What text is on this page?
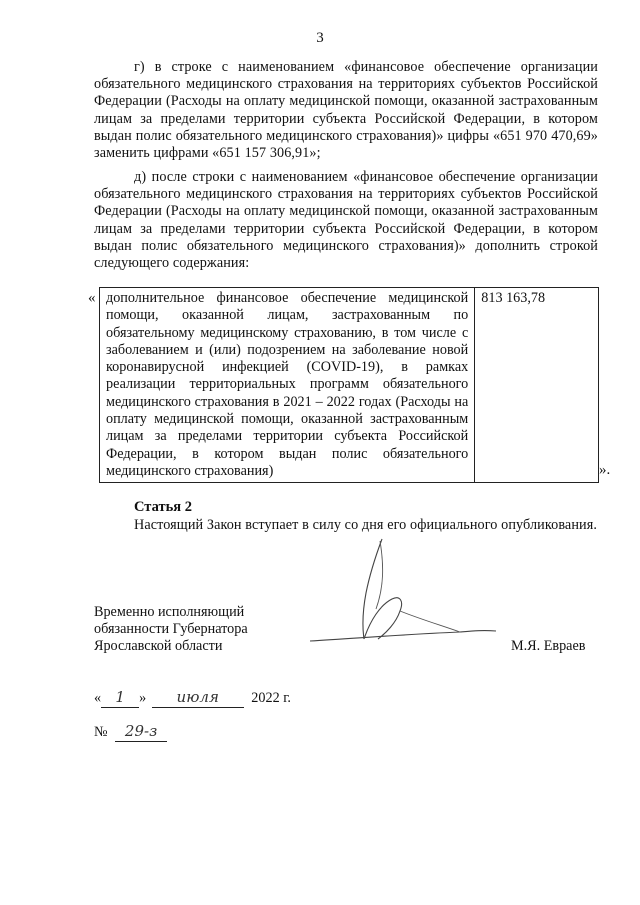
3
г) в строке с наименованием «финансовое обеспечение организации обязательного медицинского страхования на территориях субъектов Российской Федерации (Расходы на оплату медицинской помощи, оказанной застрахованным лицам за пределами территории субъекта Российской Федерации, в котором выдан полис обязательного медицинского страхования)» цифры «651 970 470,69» заменить цифрами «651 157 306,91»;
д) после строки с наименованием «финансовое обеспечение организации обязательного медицинского страхования на территориях субъектов Российской Федерации (Расходы на оплату медицинской помощи, оказанной застрахованным лицам за пределами территории субъекта Российской Федерации, в котором выдан полис обязательного медицинского страхования)» дополнить строкой следующего содержания:
« дополнительное финансовое обеспечение медицинской помощи, оказанной лицам, застрахованным по обязательному медицинскому страхованию, в том числе с заболеванием и (или) подозрением на заболевание новой коронавирусной инфекцией (COVID-19), в рамках реализации территориальных программ обязательного медицинского страхования в 2021 – 2022 годах (Расходы на оплату медицинской помощи, оказанной застрахованным лицам за пределами территории субъекта Российской Федерации, в котором выдан полис обязательного медицинского страхования)	813 163,78
».
Статья 2
Настоящий Закон вступает в силу со дня его официального опубликования.
Временно исполняющий
обязанности Губернатора
Ярославской области	М.Я. Евраев
« 1 » июля 2022 г.
№ 29-з
